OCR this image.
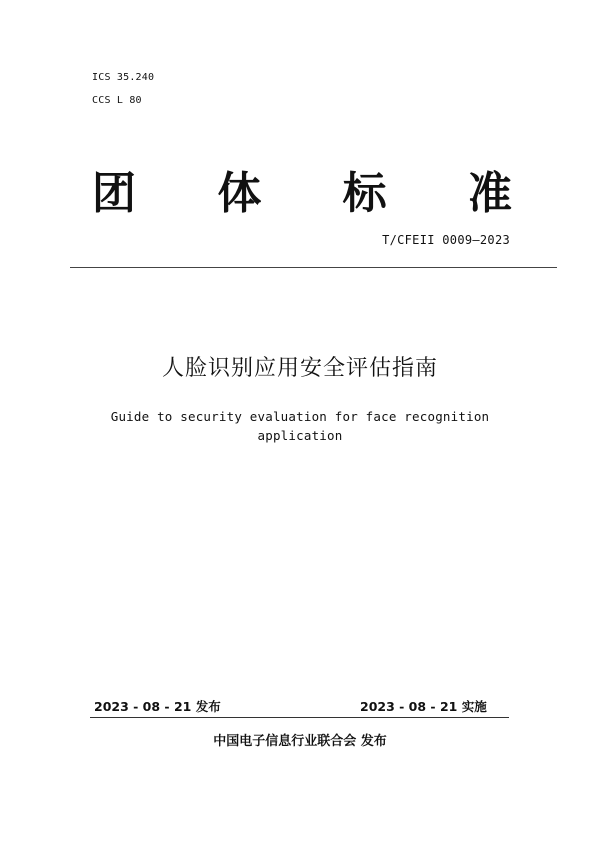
ICS 35.240
CCS L 80
团 体 标 准
T/CFEII 0009—2023
人脸识别应用安全评估指南
Guide to security evaluation for face recognition
application
2023 - 08 - 21 发布	2023 - 08 - 21 实施
中国电子信息行业联合会 发布
